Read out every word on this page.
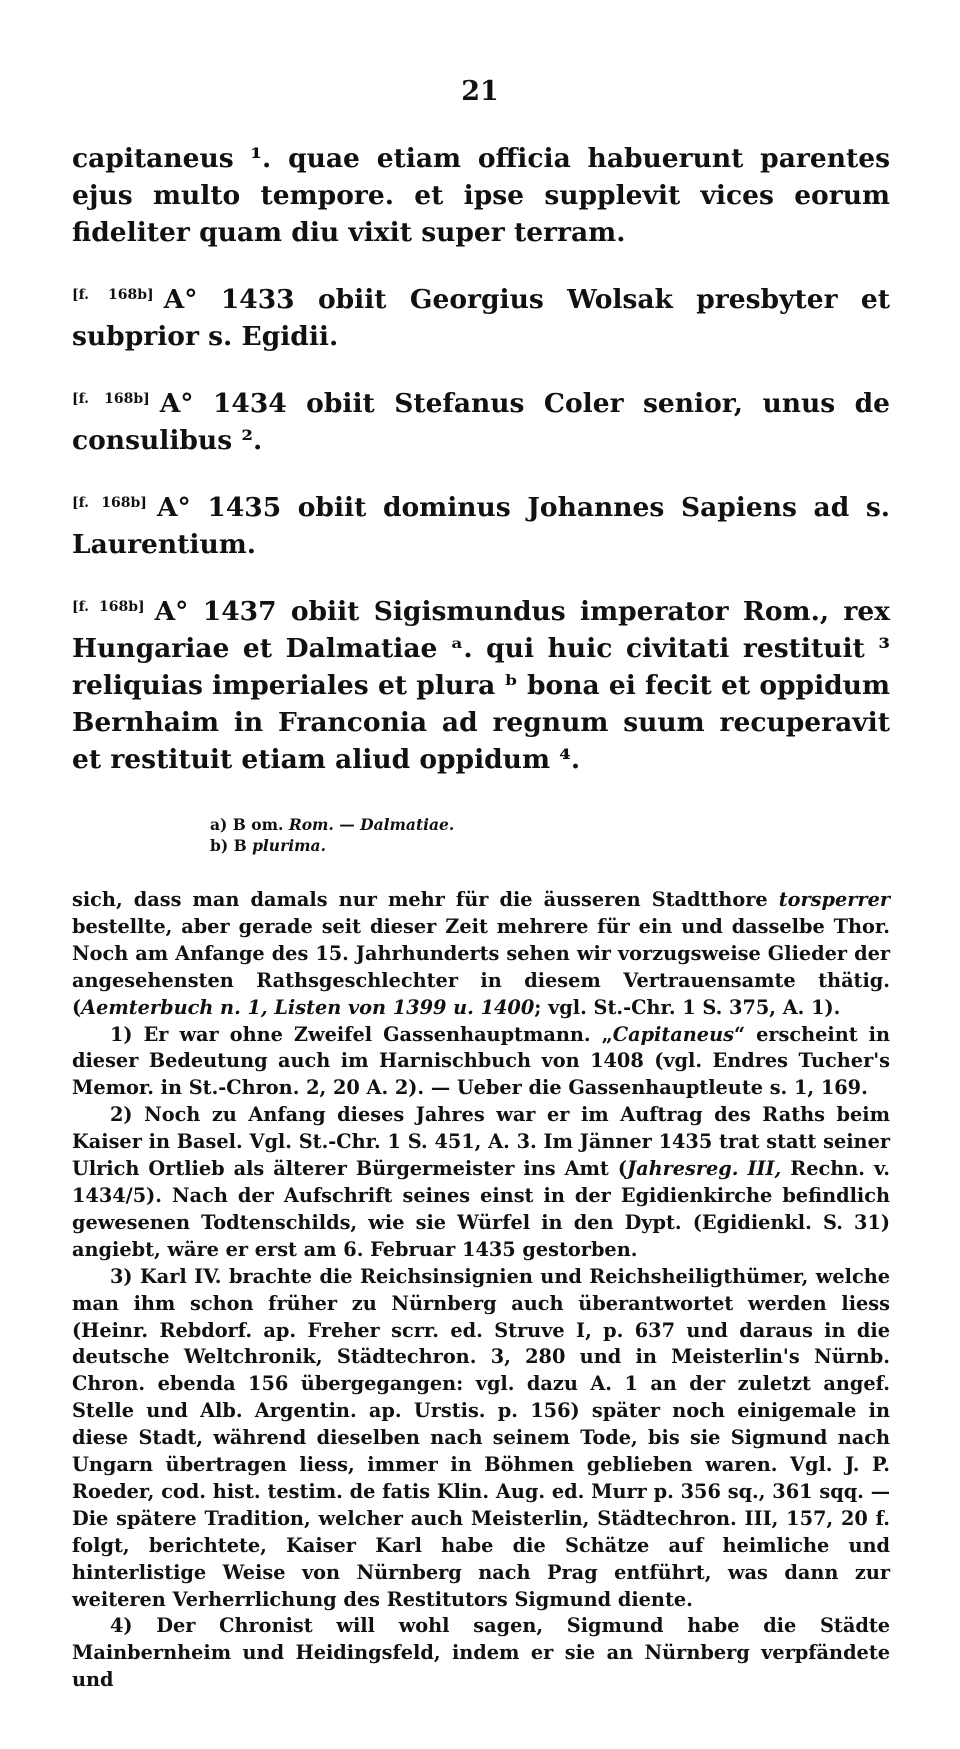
21

capitaneus ¹. quae etiam officia habuerunt parentes ejus multo tempore. et ipse supplevit vices eorum fideliter quam diu vixit super terram.

[f. 168b] A° 1433 obiit Georgius Wolsak presbyter et subprior s. Egidii.

[f. 168b] A° 1434 obiit Stefanus Coler senior, unus de consulibus ².

[f. 168b] A° 1435 obiit dominus Johannes Sapiens ad s. Laurentium.

[f. 168b] A° 1437 obiit Sigismundus imperator Rom., rex Hungariae et Dalmatiae ᵃ. qui huic civitati restituit ³ reliquias imperiales et plura ᵇ bona ei fecit et oppidum Bernhaim in Franconia ad regnum suum recuperavit et restituit etiam aliud oppidum ⁴.

a) B om. Rom. — Dalmatiae.
b) B plurima.

sich, dass man damals nur mehr für die äusseren Stadtthore torsperrer bestellte, aber gerade seit dieser Zeit mehrere für ein und dasselbe Thor. Noch am Anfange des 15. Jahrhunderts sehen wir vorzugsweise Glieder der angesehensten Rathsgeschlechter in diesem Vertrauensamte thätig. (Aemterbuch n. 1, Listen von 1399 u. 1400; vgl. St.-Chr. 1 S. 375, A. 1).

1) Er war ohne Zweifel Gassenhauptmann. „Capitaneus“ erscheint in dieser Bedeutung auch im Harnischbuch von 1408 (vgl. Endres Tucher's Memor. in St.-Chron. 2, 20 A. 2). — Ueber die Gassenhauptleute s. 1, 169.

2) Noch zu Anfang dieses Jahres war er im Auftrag des Raths beim Kaiser in Basel. Vgl. St.-Chr. 1 S. 451, A. 3. Im Jänner 1435 trat statt seiner Ulrich Ortlieb als älterer Bürgermeister ins Amt (Jahresreg. III, Rechn. v. 1434/5). Nach der Aufschrift seines einst in der Egidienkirche befindlich gewesenen Todtenschilds, wie sie Würfel in den Dypt. (Egidienkl. S. 31) angiebt, wäre er erst am 6. Februar 1435 gestorben.

3) Karl IV. brachte die Reichsinsignien und Reichsheiligthümer, welche man ihm schon früher zu Nürnberg auch überantwortet werden liess (Heinr. Rebdorf. ap. Freher scrr. ed. Struve I, p. 637 und daraus in die deutsche Weltchronik, Städtechron. 3, 280 und in Meisterlin's Nürnb. Chron. ebenda 156 übergegangen: vgl. dazu A. 1 an der zuletzt angef. Stelle und Alb. Argentin. ap. Urstis. p. 156) später noch einigemale in diese Stadt, während dieselben nach seinem Tode, bis sie Sigmund nach Ungarn übertragen liess, immer in Böhmen geblieben waren. Vgl. J. P. Roeder, cod. hist. testim. de fatis Klin. Aug. ed. Murr p. 356 sq., 361 sqq. — Die spätere Tradition, welcher auch Meisterlin, Städtechron. III, 157, 20 f. folgt, berichtete, Kaiser Karl habe die Schätze auf heimliche und hinterlistige Weise von Nürnberg nach Prag entführt, was dann zur weiteren Verherrlichung des Restitutors Sigmund diente.

4) Der Chronist will wohl sagen, Sigmund habe die Städte Mainbernheim und Heidingsfeld, indem er sie an Nürnberg verpfändete und
